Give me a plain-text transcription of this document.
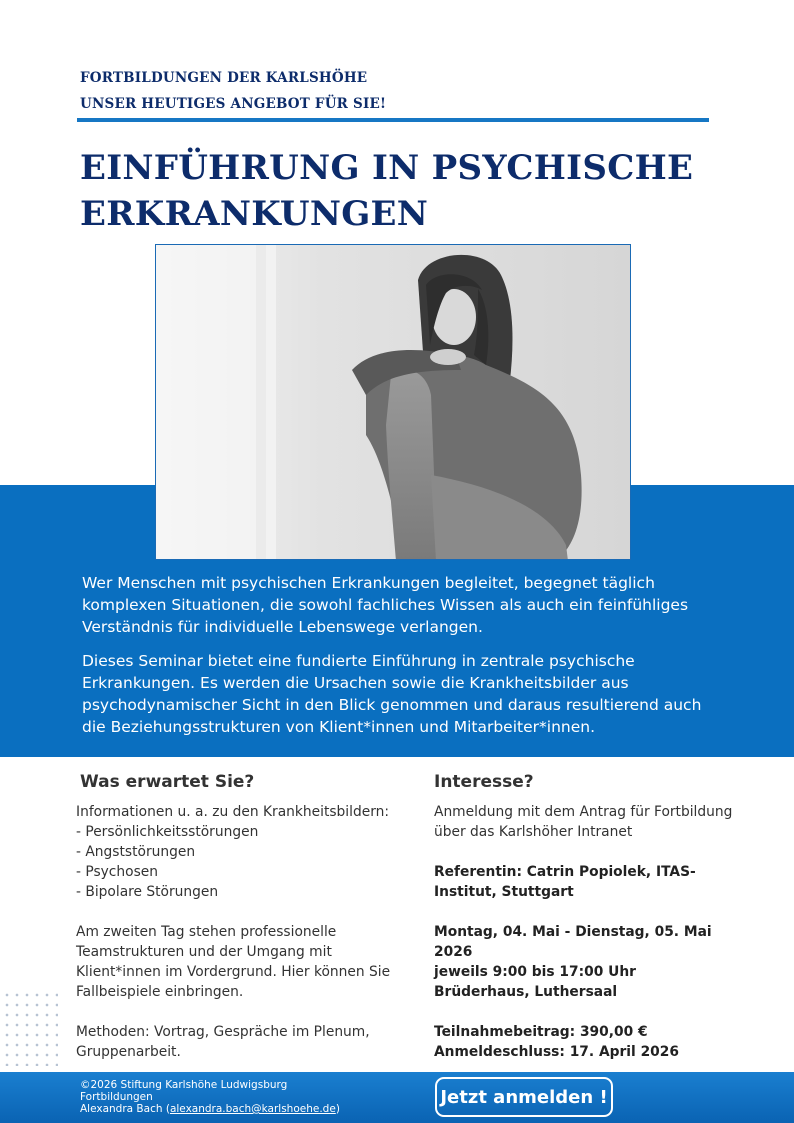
FORTBILDUNGEN DER KARLSHÖHE
UNSER HEUTIGES ANGEBOT FÜR SIE!
EINFÜHRUNG IN PSYCHISCHE
ERKRANKUNGEN

Wer Menschen mit psychischen Erkrankungen begleitet, begegnet täglich komplexen Situationen, die sowohl fachliches Wissen als auch ein feinfühliges Verständnis für individuelle Lebenswege verlangen.

Dieses Seminar bietet eine fundierte Einführung in zentrale psychische Erkrankungen. Es werden die Ursachen sowie die Krankheitsbilder aus psychodynamischer Sicht in den Blick genommen und daraus resultierend auch die Beziehungsstrukturen von Klient*innen und Mitarbeiter*innen.

Was erwartet Sie?

Informationen u. a. zu den Krankheitsbildern:

- Persönlichkeitsstörungen

- Angststörungen

- Psychosen

- Bipolare Störungen

Am zweiten Tag stehen professionelle Teamstrukturen und der Umgang mit Klient*innen im Vordergrund. Hier können Sie Fallbeispiele einbringen.

Methoden: Vortrag, Gespräche im Plenum, Gruppenarbeit.

Interesse?

Anmeldung mit dem Antrag für Fortbildung über das Karlshöher Intranet

Referentin: Catrin Popiolek, ITAS-Institut, Stuttgart

Montag, 04. Mai - Dienstag, 05. Mai 2026

jeweils 9:00 bis 17:00 Uhr

Brüderhaus, Luthersaal

Teilnahmebeitrag: 390,00 €

Anmeldeschluss: 17. April 2026

©2026 Stiftung Karlshöhe Ludwigsburg
Fortbildungen
Alexandra Bach (alexandra.bach@karlshoehe.de)
Jetzt anmelden !
